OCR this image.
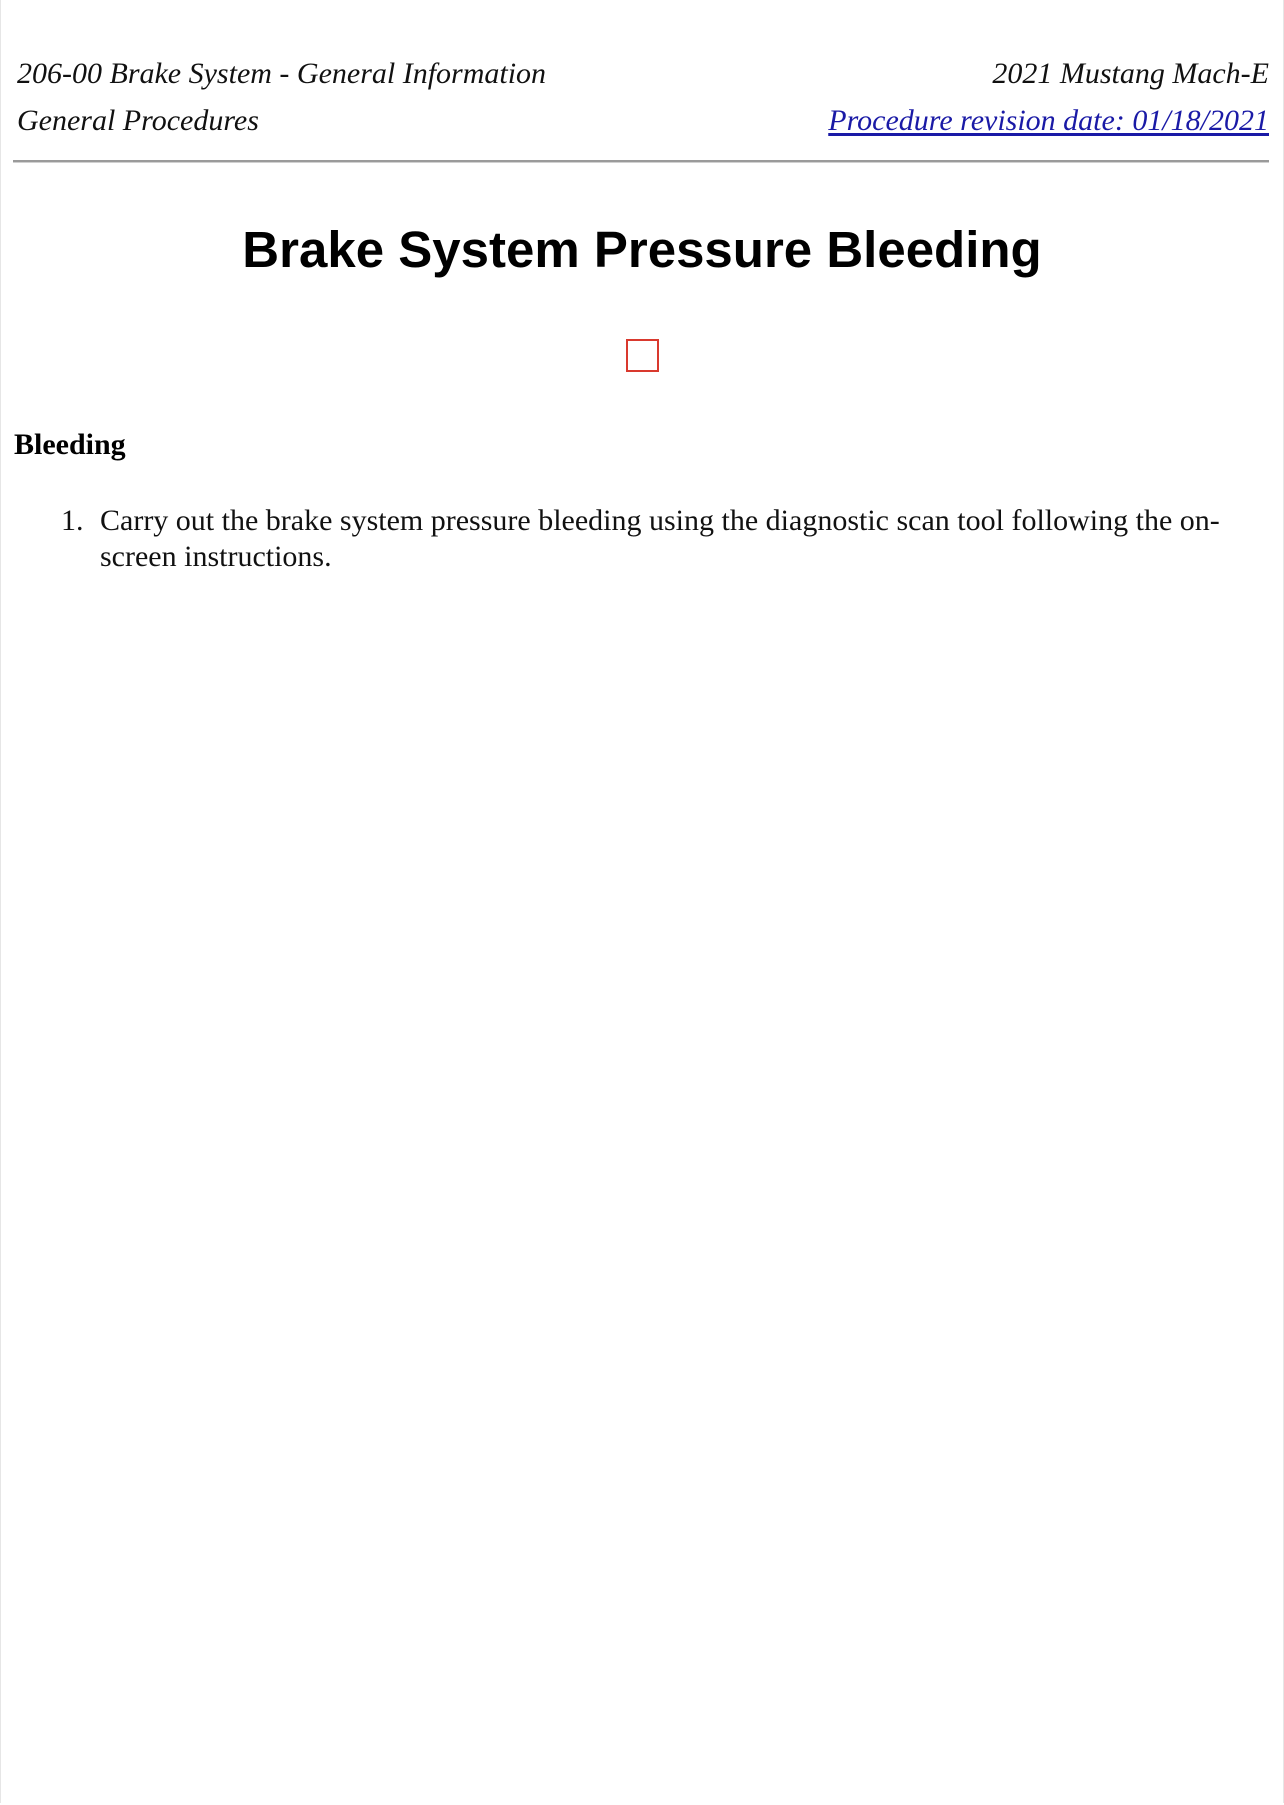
206-00 Brake System - General Information	2021 Mustang Mach-E
General Procedures	Procedure revision date: 01/18/2021
Brake System Pressure Bleeding
Bleeding
1. Carry out the brake system pressure bleeding using the diagnostic scan tool following the on-screen instructions.
